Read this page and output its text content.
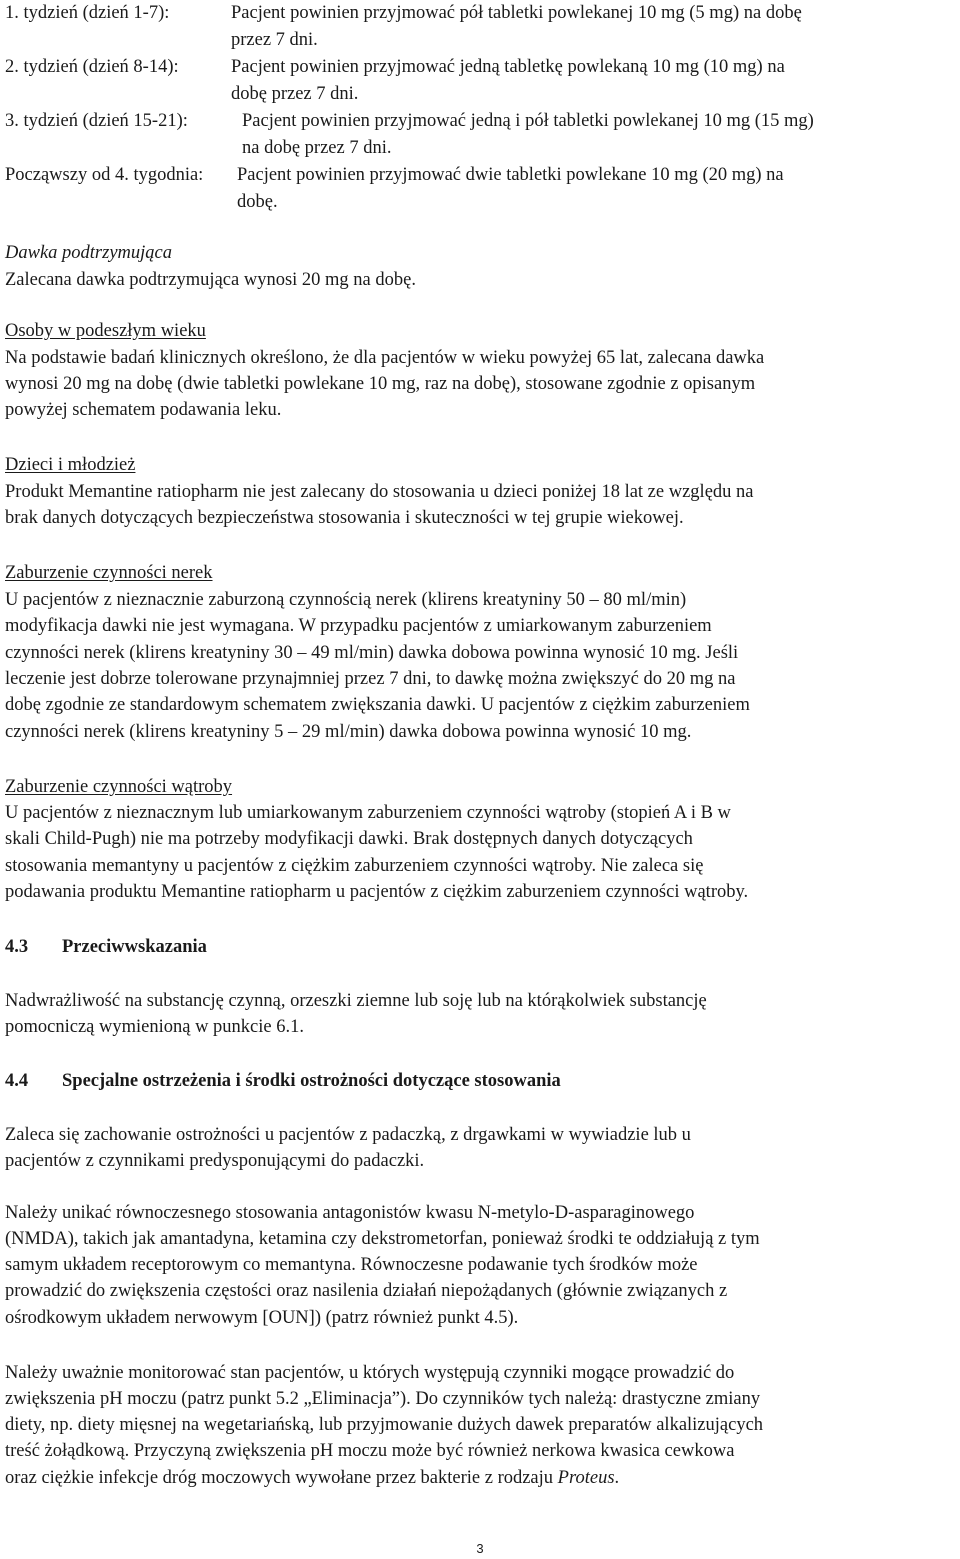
1. tydzień (dzień 1-7):	Pacjent powinien przyjmować pół tabletki powlekanej 10 mg (5 mg) na dobę
przez 7 dni.
2. tydzień (dzień 8-14):	Pacjent powinien przyjmować jedną tabletkę powlekaną 10 mg (10 mg) na
dobę przez 7 dni.
3. tydzień (dzień 15-21):	Pacjent powinien przyjmować jedną i pół tabletki powlekanej 10 mg (15 mg)
na dobę przez 7 dni.
Począwszy od 4. tygodnia: Pacjent powinien przyjmować dwie tabletki powlekane 10 mg (20 mg) na
dobę.
Dawka podtrzymująca
Zalecana dawka podtrzymująca wynosi 20 mg na dobę.
Osoby w podeszłym wieku
Na podstawie badań klinicznych określono, że dla pacjentów w wieku powyżej 65 lat, zalecana dawka
wynosi 20 mg na dobę (dwie tabletki powlekane 10 mg, raz na dobę), stosowane zgodnie z opisanym
powyżej schematem podawania leku.
Dzieci i młodzież
Produkt Memantine ratiopharm nie jest zalecany do stosowania u dzieci poniżej 18 lat ze względu na
brak danych dotyczących bezpieczeństwa stosowania i skuteczności w tej grupie wiekowej.
Zaburzenie czynności nerek
U pacjentów z nieznacznie zaburzoną czynnością nerek (klirens kreatyniny 50 – 80 ml/min)
modyfikacja dawki nie jest wymagana. W przypadku pacjentów z umiarkowanym zaburzeniem
czynności nerek (klirens kreatyniny 30 – 49 ml/min) dawka dobowa powinna wynosić 10 mg. Jeśli
leczenie jest dobrze tolerowane przynajmniej przez 7 dni, to dawkę można zwiększyć do 20 mg na
dobę zgodnie ze standardowym schematem zwiększania dawki. U pacjentów z ciężkim zaburzeniem
czynności nerek (klirens kreatyniny 5 – 29 ml/min) dawka dobowa powinna wynosić 10 mg.
Zaburzenie czynności wątroby
U pacjentów z nieznacznym lub umiarkowanym zaburzeniem czynności wątroby (stopień A i B w
skali Child-Pugh) nie ma potrzeby modyfikacji dawki. Brak dostępnych danych dotyczących
stosowania memantyny u pacjentów z ciężkim zaburzeniem czynności wątroby. Nie zaleca się
podawania produktu Memantine ratiopharm u pacjentów z ciężkim zaburzeniem czynności wątroby.
4.3 Przeciwwskazania
Nadwrażliwość na substancję czynną, orzeszki ziemne lub soję lub na którąkolwiek substancję
pomocniczą wymienioną w punkcie 6.1.
4.4 Specjalne ostrzeżenia i środki ostrożności dotyczące stosowania
Zaleca się zachowanie ostrożności u pacjentów z padaczką, z drgawkami w wywiadzie lub u
pacjentów z czynnikami predysponującymi do padaczki.
Należy unikać równoczesnego stosowania antagonistów kwasu N-metylo-D-asparaginowego
(NMDA), takich jak amantadyna, ketamina czy dekstrometorfan, ponieważ środki te oddziałują z tym
samym układem receptorowym co memantyna. Równoczesne podawanie tych środków może
prowadzić do zwiększenia częstości oraz nasilenia działań niepożądanych (głównie związanych z
ośrodkowym układem nerwowym [OUN]) (patrz również punkt 4.5).
Należy uważnie monitorować stan pacjentów, u których występują czynniki mogące prowadzić do
zwiększenia pH moczu (patrz punkt 5.2 „Eliminacja”). Do czynników tych należą: drastyczne zmiany
diety, np. diety mięsnej na wegetariańską, lub przyjmowanie dużych dawek preparatów alkalizujących
treść żołądkową. Przyczyną zwiększenia pH moczu może być również nerkowa kwasica cewkowa
oraz ciężkie infekcje dróg moczowych wywołane przez bakterie z rodzaju Proteus.
3
